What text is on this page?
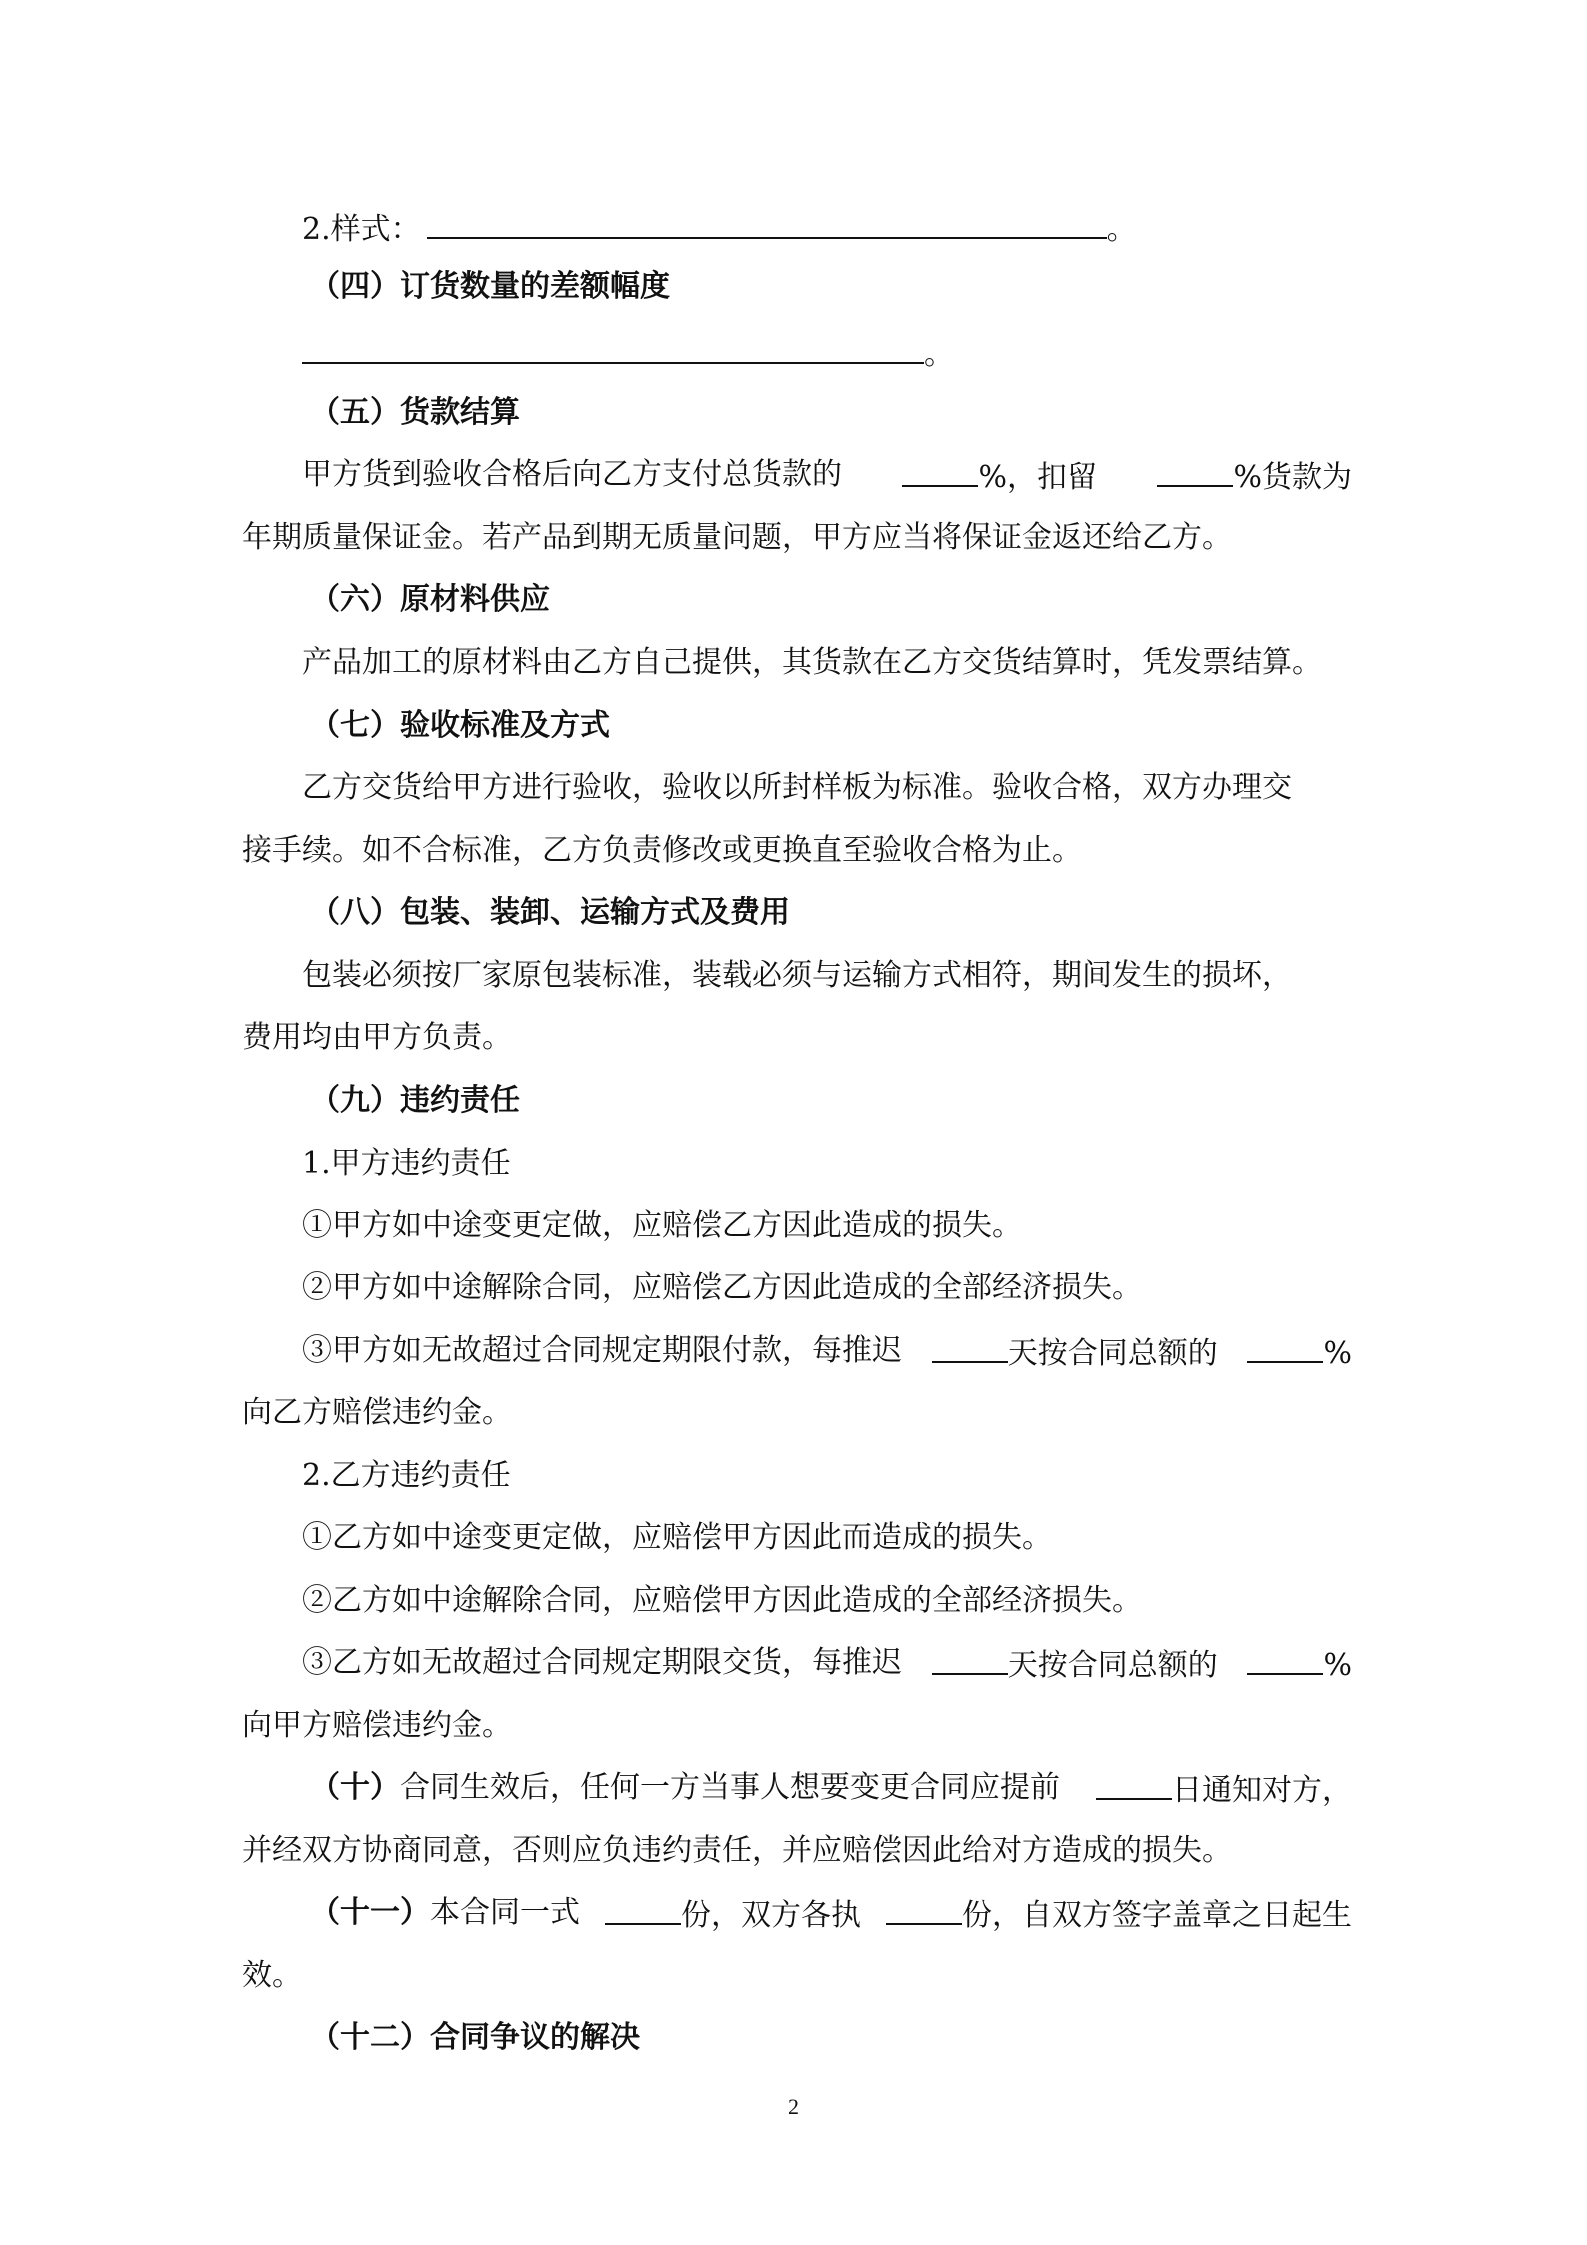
2.样式：	。
（四）订货数量的差额幅度
。
（五）货款结算
甲方货到验收合格后向乙方支付总货款的	%，扣留	%货款为
年期质量保证金。若产品到期无质量问题，甲方应当将保证金返还给乙方。
（六）原材料供应
产品加工的原材料由乙方自己提供，其货款在乙方交货结算时，凭发票结算。
（七）验收标准及方式
乙方交货给甲方进行验收，验收以所封样板为标准。验收合格，双方办理交
接手续。如不合标准，乙方负责修改或更换直至验收合格为止。
（八）包装、装卸、运输方式及费用
包装必须按厂家原包装标准，装载必须与运输方式相符，期间发生的损坏，
费用均由甲方负责。
（九）违约责任
1.甲方违约责任
①甲方如中途变更定做，应赔偿乙方因此造成的损失。
②甲方如中途解除合同，应赔偿乙方因此造成的全部经济损失。
③甲方如无故超过合同规定期限付款，每推迟	天按合同总额的	%
向乙方赔偿违约金。
2.乙方违约责任
①乙方如中途变更定做，应赔偿甲方因此而造成的损失。
②乙方如中途解除合同，应赔偿甲方因此造成的全部经济损失。
③乙方如无故超过合同规定期限交货，每推迟	天按合同总额的	%
向甲方赔偿违约金。
（十）合同生效后，任何一方当事人想要变更合同应提前	日通知对方，
并经双方协商同意，否则应负违约责任，并应赔偿因此给对方造成的损失。
（十一）本合同一式	份，双方各执	份，自双方签字盖章之日起生
效。
（十二）合同争议的解决
2
